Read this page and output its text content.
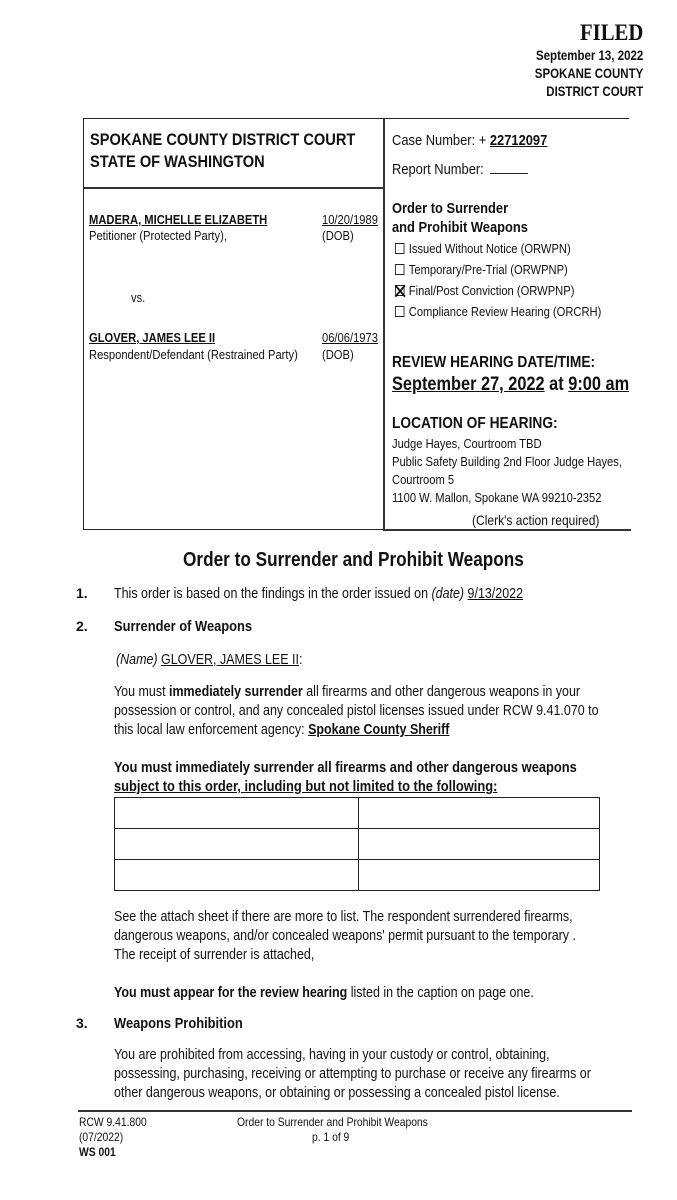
FILED
September 13, 2022
SPOKANE COUNTY
DISTRICT COURT
SPOKANE COUNTY DISTRICT COURT
STATE OF WASHINGTON
MADERA, MICHELLE ELIZABETH
Petitioner (Protected Party),
10/20/1989
(DOB)
vs.
GLOVER, JAMES LEE II
Respondent/Defendant (Restrained Party)
06/06/1973
(DOB)
Case Number: + 22712097
Report Number:
Order to Surrender
and Prohibit Weapons
Issued Without Notice (ORWPN)
Temporary/Pre-Trial (ORWPNP)
Final/Post Conviction (ORWPNP)
Compliance Review Hearing (ORCRH)
REVIEW HEARING DATE/TIME:
September 27, 2022 at 9:00 am
LOCATION OF HEARING:
Judge Hayes, Courtroom TBD
Public Safety Building 2nd Floor Judge Hayes,
Courtroom 5
1100 W. Mallon, Spokane WA 99210-2352
(Clerk's action required)
Order to Surrender and Prohibit Weapons
1. This order is based on the findings in the order issued on (date) 9/13/2022
2. Surrender of Weapons
(Name) GLOVER, JAMES LEE II:
You must immediately surrender all firearms and other dangerous weapons in your
possession or control, and any concealed pistol licenses issued under RCW 9.41.070 to
this local law enforcement agency: Spokane County Sheriff
You must immediately surrender all firearms and other dangerous weapons
subject to this order, including but not limited to the following:

See the attach sheet if there are more to list. The respondent surrendered firearms,
dangerous weapons, and/or concealed weapons' permit pursuant to the temporary .
The receipt of surrender is attached,
You must appear for the review hearing listed in the caption on page one.
3. Weapons Prohibition
You are prohibited from accessing, having in your custody or control, obtaining,
possessing, purchasing, receiving or attempting to purchase or receive any firearms or
other dangerous weapons, or obtaining or possessing a concealed pistol license.
RCW 9.41.800
(07/2022)
WS 001
Order to Surrender and Prohibit Weapons
p. 1 of 9
